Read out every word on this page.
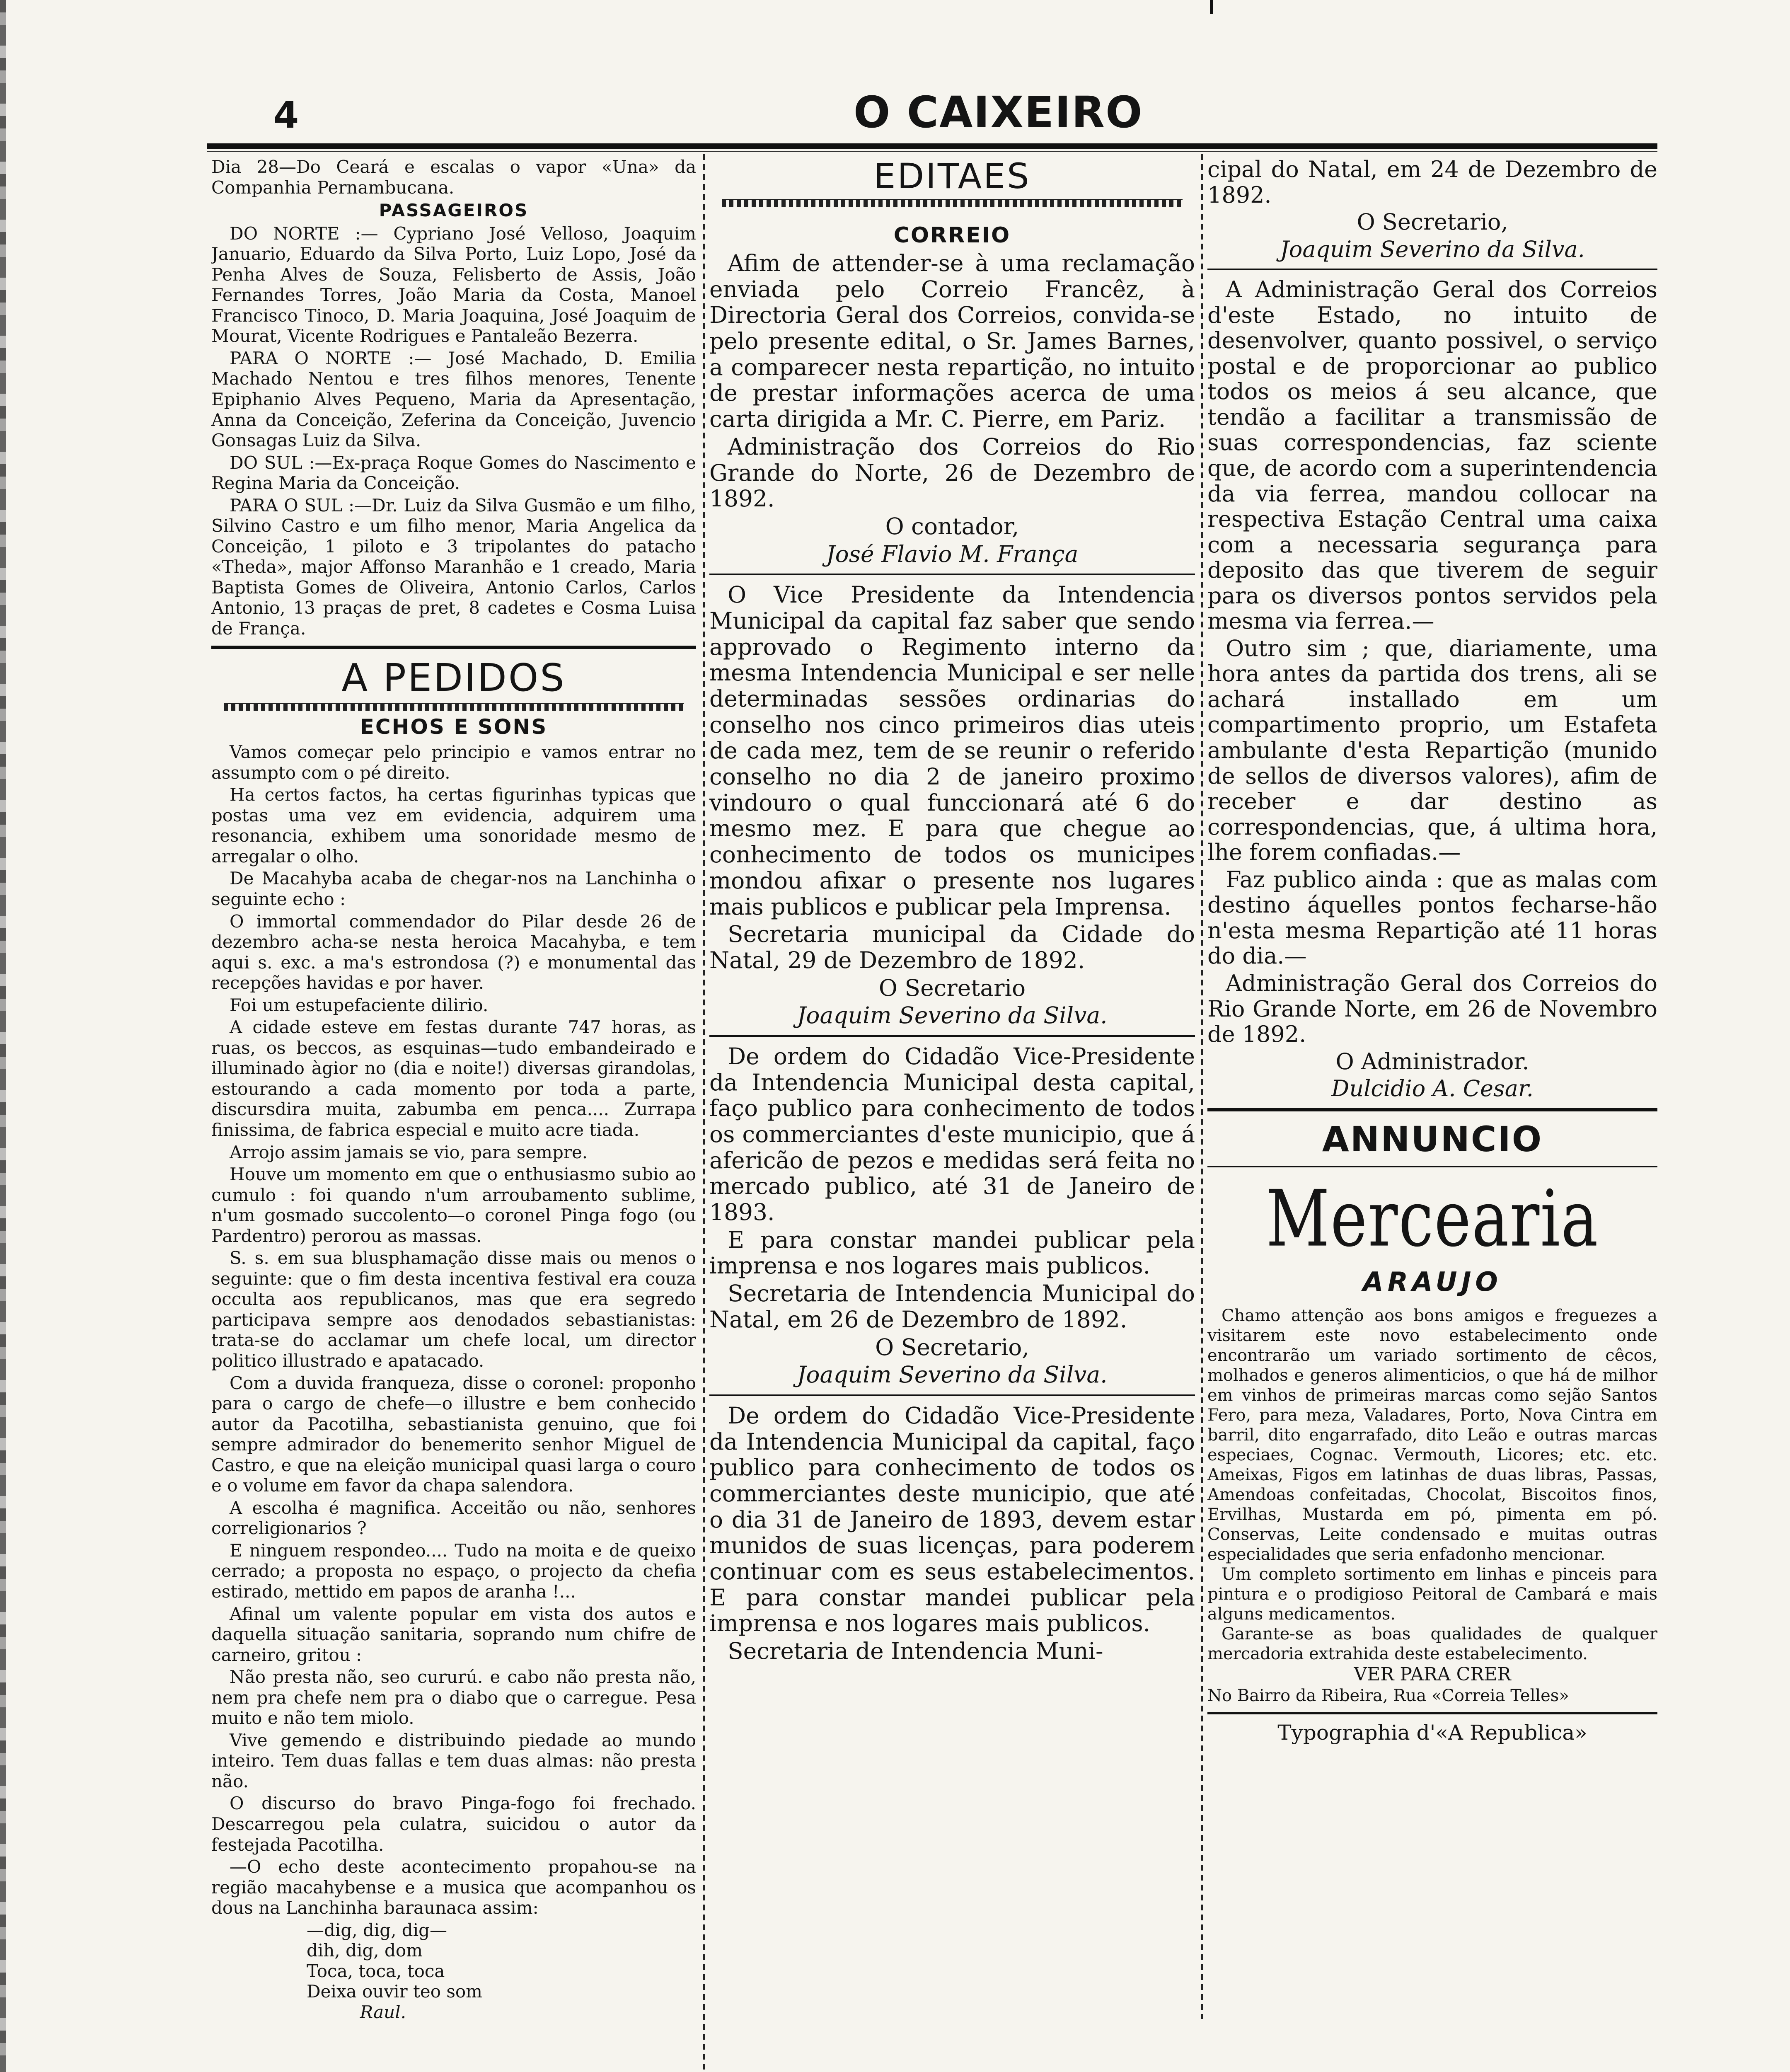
4	O CAIXEIRO

Dia 28—Do Ceará e escalas o vapor «Una» da Companhia Pernambucana.

PASSAGEIROS

DO NORTE :— Cypriano José Velloso, Joaquim Januario, Eduardo da Silva Porto, Luiz Lopo, José da Penha Alves de Souza, Felisberto de Assis, João Fernandes Torres, João Maria da Costa, Manoel Francisco Tinoco, D. Maria Joaquina, José Joaquim de Mourat, Vicente Rodrigues e Pantaleão Bezerra.

PARA O NORTE :— José Machado, D. Emilia Machado Nentou e tres filhos menores, Tenente Epiphanio Alves Pequeno, Maria da Apresentação, Anna da Conceição, Zeferina da Conceição, Juvencio Gonsagas Luiz da Silva.

DO SUL :—Ex-praça Roque Gomes do Nascimento e Regina Maria da Conceição.

PARA O SUL :—Dr. Luiz da Silva Gusmão e um filho, Silvino Castro e um filho menor, Maria Angelica da Conceição, 1 piloto e 3 tripolantes do patacho «Theda», major Affonso Maranhão e 1 creado, Maria Baptista Gomes de Oliveira, Antonio Carlos, Carlos Antonio, 13 praças de pret, 8 cadetes e Cosma Luisa de França.

A PEDIDOS
ECHOS E SONS

Vamos começar pelo principio e vamos entrar no assumpto com o pé direito.

Ha certos factos, ha certas figurinhas typicas que postas uma vez em evidencia, adquirem uma resonancia, exhibem uma sonoridade mesmo de arregalar o olho.

De Macahyba acaba de chegar-nos na Lanchinha o seguinte echo :

O immortal commendador do Pilar desde 26 de dezembro acha-se nesta heroica Macahyba, e tem aqui s. exc. a ma's estrondosa (?) e monumental das recepções havidas e por haver.

Foi um estupefaciente dilirio.

A cidade esteve em festas durante 747 horas, as ruas, os beccos, as esquinas—tudo embandeirado e illuminado àgior no (dia e noite!) diversas girandolas, estourando a cada momento por toda a parte, discursdira muita, zabumba em penca.... Zurrapa finissima, de fabrica especial e muito acre tiada.

Arrojo assim jamais se vio, para sempre.

Houve um momento em que o enthusiasmo subio ao cumulo : foi quando n'um arroubamento sublime, n'um gosmado succolento—o coronel Pinga fogo (ou Pardentro) perorou as massas.

S. s. em sua blusphamação disse mais ou menos o seguinte: que o fim desta incentiva festival era couza occulta aos republicanos, mas que era segredo participava sempre aos denodados sebastianistas: trata-se do acclamar um chefe local, um director politico illustrado e apatacado.

Com a duvida franqueza, disse o coronel: proponho para o cargo de chefe—o illustre e bem conhecido autor da Pacotilha, sebastianista genuino, que foi sempre admirador do benemerito senhor Miguel de Castro, e que na eleição municipal quasi larga o couro e o volume em favor da chapa salendora.

A escolha é magnifica. Acceitão ou não, senhores correligionarios ?

E ninguem respondeo.... Tudo na moita e de queixo cerrado; a proposta no espaço, o projecto da chefia estirado, mettido em papos de aranha !...

Afinal um valente popular em vista dos autos e daquella situação sanitaria, soprando num chifre de carneiro, gritou :

Não presta não, seo cururú. e cabo não presta não, nem pra chefe nem pra o diabo que o carregue. Pesa muito e não tem miolo.

Vive gemendo e distribuindo piedade ao mundo inteiro. Tem duas fallas e tem duas almas: não presta não.

O discurso do bravo Pinga-fogo foi frechado. Descarregou pela culatra, suicidou o autor da festejada Pacotilha.

—O echo deste acontecimento propahou-se na região macahybense e a musica que acompanhou os dous na Lanchinha baraunaca assim:

—dig, dig, dig—

dih, dig, dom

Toca, toca, toca

Deixa ouvir teo som

Raul.

EDITAES
CORREIO

Afim de attender-se à uma reclamação enviada pelo Correio Francêz, à Directoria Geral dos Correios, convida-se pelo presente edital, o Sr. James Barnes, a comparecer nesta repartição, no intuito de prestar informações acerca de uma carta dirigida a Mr. C. Pierre, em Pariz.

Administração dos Correios do Rio Grande do Norte, 26 de Dezembro de 1892.

O contador,

José Flavio M. França

O Vice Presidente da Intendencia Municipal da capital faz saber que sendo approvado o Regimento interno da mesma Intendencia Municipal e ser nelle determinadas sessões ordinarias do conselho nos cinco primeiros dias uteis de cada mez, tem de se reunir o referido conselho no dia 2 de janeiro proximo vindouro o qual funccionará até 6 do mesmo mez. E para que chegue ao conhecimento de todos os municipes mondou afixar o presente nos lugares mais publicos e publicar pela Imprensa.

Secretaria municipal da Cidade do Natal, 29 de Dezembro de 1892.

O Secretario

Joaquim Severino da Silva.

De ordem do Cidadão Vice-Presidente da Intendencia Municipal desta capital, faço publico para conhecimento de todos os commerciantes d'este municipio, que á afericão de pezos e medidas será feita no mercado publico, até 31 de Janeiro de 1893.

E para constar mandei publicar pela imprensa e nos logares mais publicos.

Secretaria de Intendencia Municipal do Natal, em 26 de Dezembro de 1892.

O Secretario,

Joaquim Severino da Silva.

De ordem do Cidadão Vice-Presidente da Intendencia Municipal da capital, faço publico para conhecimento de todos os commerciantes deste municipio, que até o dia 31 de Janeiro de 1893, devem estar munidos de suas licenças, para poderem continuar com es seus estabelecimentos. E para constar mandei publicar pela imprensa e nos logares mais publicos.

Secretaria de Intendencia Muni-

cipal do Natal, em 24 de Dezembro de 1892.

O Secretario,

Joaquim Severino da Silva.

A Administração Geral dos Correios d'este Estado, no intuito de desenvolver, quanto possivel, o serviço postal e de proporcionar ao publico todos os meios á seu alcance, que tendão a facilitar a transmissão de suas correspondencias, faz sciente que, de acordo com a superintendencia da via ferrea, mandou collocar na respectiva Estação Central uma caixa com a necessaria segurança para deposito das que tiverem de seguir para os diversos pontos servidos pela mesma via ferrea.—

Outro sim ; que, diariamente, uma hora antes da partida dos trens, ali se achará installado em um compartimento proprio, um Estafeta ambulante d'esta Repartição (munido de sellos de diversos valores), afim de receber e dar destino as correspondencias, que, á ultima hora, lhe forem confiadas.—

Faz publico ainda : que as malas com destino áquelles pontos fecharse-hão n'esta mesma Repartição até 11 horas do dia.—

Administração Geral dos Correios do Rio Grande Norte, em 26 de Novembro de 1892.

O Administrador.

Dulcidio A. Cesar.

ANNUNCIO
Mercearia
ARAUJO

Chamo attenção aos bons amigos e freguezes a visitarem este novo estabelecimento onde encontrarão um variado sortimento de cêcos, molhados e generos alimenticios, o que há de milhor em vinhos de primeiras marcas como sejão Santos Fero, para meza, Valadares, Porto, Nova Cintra em barril, dito engarrafado, dito Leão e outras marcas especiaes, Cognac. Vermouth, Licores; etc. etc. Ameixas, Figos em latinhas de duas libras, Passas, Amendoas confeitadas, Chocolat, Biscoitos finos, Ervilhas, Mustarda em pó, pimenta em pó. Conservas, Leite condensado e muitas outras especialidades que seria enfadonho mencionar.

Um completo sortimento em linhas e pinceis para pintura e o prodigioso Peitoral de Cambará e mais alguns medicamentos.

Garante-se as boas qualidades de qualquer mercadoria extrahida deste estabelecimento.

VER PARA CRER

No Bairro da Ribeira, Rua «Correia Telles»

Typographia d'«A Republica»
